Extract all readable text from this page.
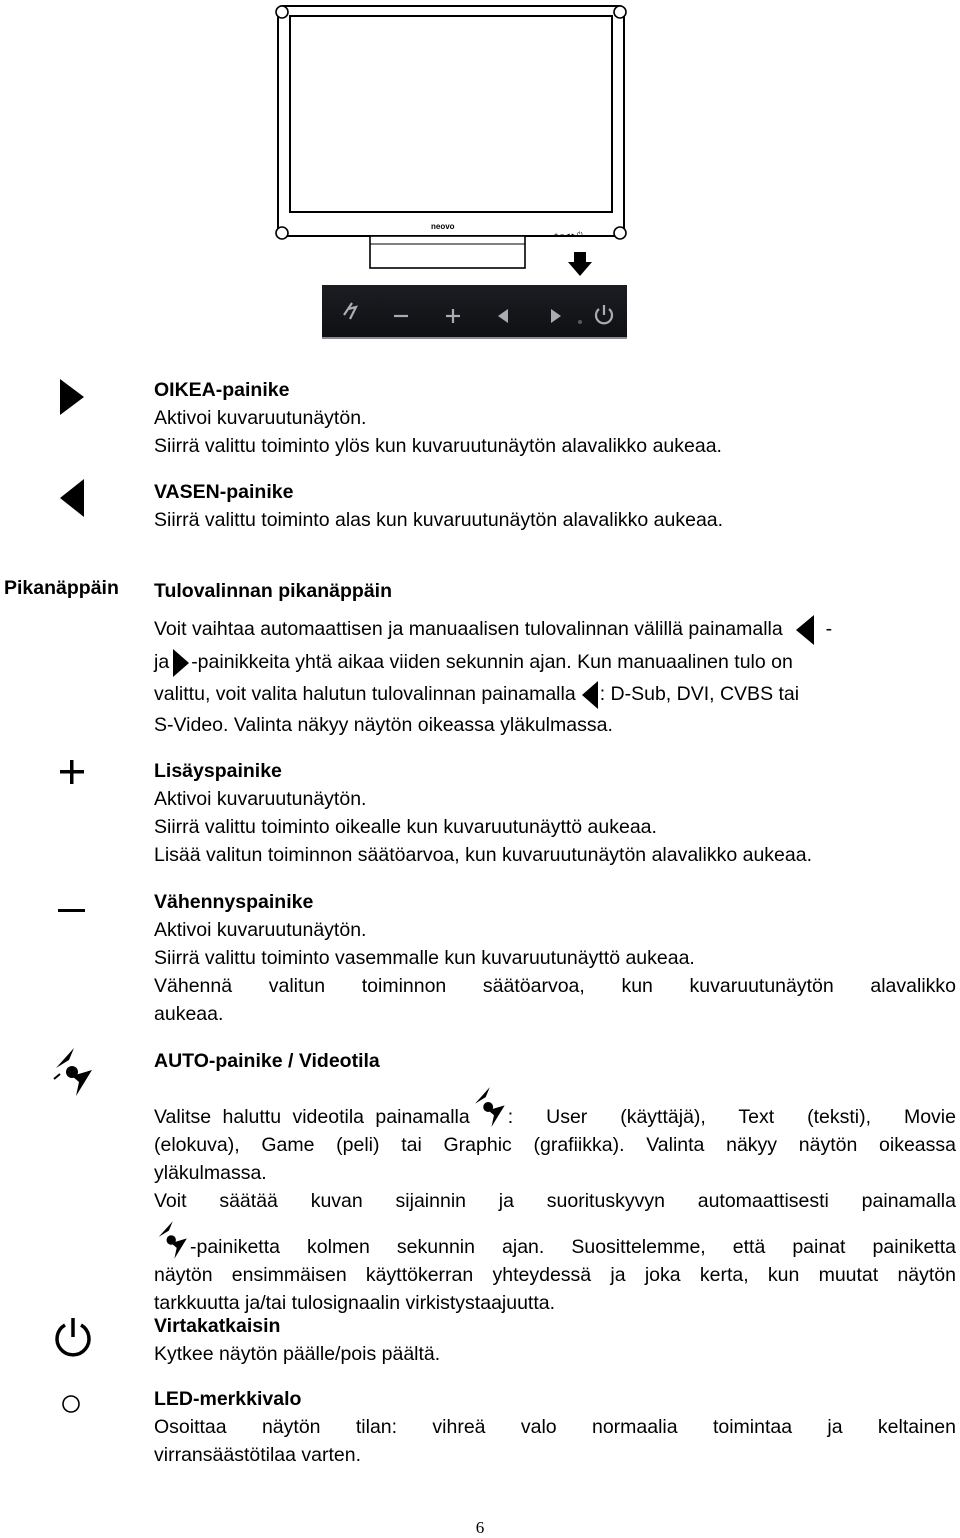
+ − ◂ ▸ ⏻
neovo
Pikanäppäin
OIKEA-painike
Aktivoi kuvaruutunäytön.
Siirrä valittu toiminto ylös kun kuvaruutunäytön alavalikko aukeaa.
VASEN-painike
Siirrä valittu toiminto alas kun kuvaruutunäytön alavalikko aukeaa.
Tulovalinnan pikanäppäin
Voit vaihtaa automaattisen ja manuaalisen tulovalinnan välillä painamalla -
ja -painikkeita yhtä aikaa viiden sekunnin ajan. Kun manuaalinen tulo on
valittu, voit valita halutun tulovalinnan painamalla : D-Sub, DVI, CVBS tai
S-Video. Valinta näkyy näytön oikeassa yläkulmassa.
Lisäyspainike
Aktivoi kuvaruutunäytön.
Siirrä valittu toiminto oikealle kun kuvaruutunäyttö aukeaa.
Lisää valitun toiminnon säätöarvoa, kun kuvaruutunäytön alavalikko aukeaa.
Vähennyspainike
Aktivoi kuvaruutunäytön.
Siirrä valittu toiminto vasemmalle kun kuvaruutunäyttö aukeaa.
Vähennä valitun toiminnon säätöarvoa, kun kuvaruutunäytön alavalikko
aukeaa.
AUTO-painike / Videotila
Valitse haluttu videotila painamalla : User (käyttäjä), Text (teksti), Movie
(elokuva), Game (peli) tai Graphic (grafiikka). Valinta näkyy näytön oikeassa
yläkulmassa.
Voit säätää kuvan sijainnin ja suorituskyvyn automaattisesti painamalla
-painiketta kolmen sekunnin ajan. Suosittelemme, että painat painiketta
näytön ensimmäisen käyttökerran yhteydessä ja joka kerta, kun muutat näytön
tarkkuutta ja/tai tulosignaalin virkistystaajuutta.
Virtakatkaisin
Kytkee näytön päälle/pois päältä.
LED-merkkivalo
Osoittaa näytön tilan: vihreä valo normaalia toimintaa ja keltainen
virransäästötilaa varten.
6
